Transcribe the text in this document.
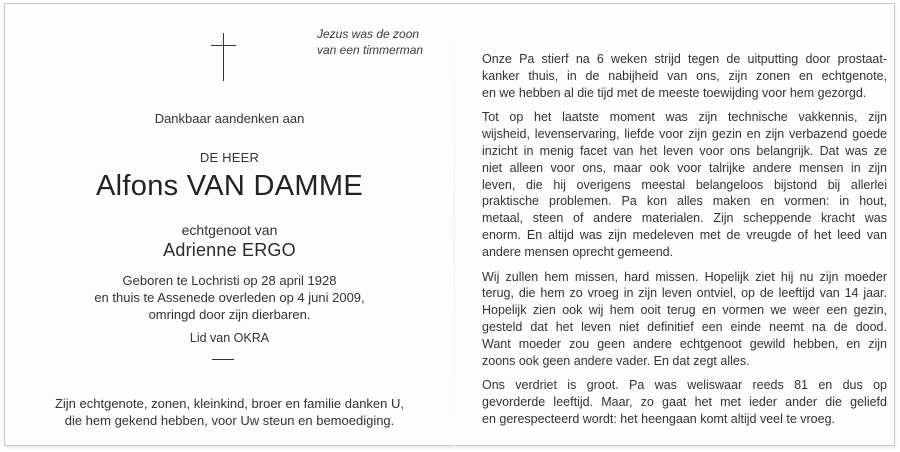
Jezus was de zoon
van een timmerman
Dankbaar aandenken aan
DE HEER
Alfons VAN DAMME
echtgenoot van
Adrienne ERGO
Geboren te Lochristi op 28 april 1928
en thuis te Assenede overleden op 4 juni 2009,
omringd door zijn dierbaren.
Lid van OKRA
Zijn echtgenote, zonen, kleinkind, broer en familie danken U,
die hem gekend hebben, voor Uw steun en bemoediging.

Onze Pa stierf na 6 weken strijd tegen de uitputting door prostaat-
kanker thuis, in de nabijheid van ons, zijn zonen en echtgenote,
en we hebben al die tijd met de meeste toewijding voor hem gezorgd.

Tot op het laatste moment was zijn technische vakkennis, zijn
wijsheid, levenservaring, liefde voor zijn gezin en zijn verbazend goede
inzicht in menig facet van het leven voor ons belangrijk. Dat was ze
niet alleen voor ons, maar ook voor talrijke andere mensen in zijn
leven, die hij overigens meestal belangeloos bijstond bij allerlei
praktische problemen. Pa kon alles maken en vormen: in hout,
metaal, steen of andere materialen. Zijn scheppende kracht was
enorm. En altijd was zijn medeleven met de vreugde of het leed van
andere mensen oprecht gemeend.

Wij zullen hem missen, hard missen. Hopelijk ziet hij nu zijn moeder
terug, die hem zo vroeg in zijn leven ontviel, op de leeftijd van 14 jaar.
Hopelijk zien ook wij hem ooit terug en vormen we weer een gezin,
gesteld dat het leven niet definitief een einde neemt na de dood.
Want moeder zou geen andere echtgenoot gewild hebben, en zijn
zoons ook geen andere vader. En dat zegt alles.

Ons verdriet is groot. Pa was weliswaar reeds 81 en dus op
gevorderde leeftijd. Maar, zo gaat het met ieder ander die geliefd
en gerespecteerd wordt: het heengaan komt altijd veel te vroeg.
